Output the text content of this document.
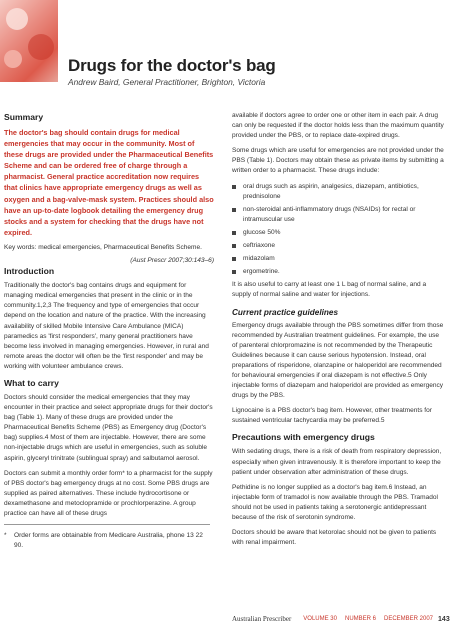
Drugs for the doctor's bag
Andrew Baird, General Practitioner, Brighton, Victoria
Summary
The doctor's bag should contain drugs for medical emergencies that may occur in the community. Most of these drugs are provided under the Pharmaceutical Benefits Scheme and can be ordered free of charge through a pharmacist. General practice accreditation now requires that clinics have appropriate emergency drugs as well as oxygen and a bag-valve-mask system. Practices should also have an up-to-date logbook detailing the emergency drug stocks and a system for checking that the drugs have not expired.

Key words: medical emergencies, Pharmaceutical Benefits Scheme.

(Aust Prescr 2007;30:143–6)

Introduction

Traditionally the doctor's bag contains drugs and equipment for managing medical emergencies that present in the clinic or in the community.1,2,3 The frequency and type of emergencies that occur depend on the location and nature of the practice. With the increasing availability of skilled Mobile Intensive Care Ambulance (MICA) paramedics as 'first responders', many general practitioners have become less involved in managing emergencies. However, in rural and remote areas the doctor will often be the 'first responder' and may be working with volunteer ambulance crews.

What to carry

Doctors should consider the medical emergencies that they may encounter in their practice and select appropriate drugs for their doctor's bag (Table 1). Many of these drugs are provided under the Pharmaceutical Benefits Scheme (PBS) as Emergency drug (Doctor's bag) supplies.4 Most of them are injectable. However, there are some non-injectable drugs which are useful in emergencies, such as soluble aspirin, glyceryl trinitrate (sublingual spray) and salbutamol aerosol.

Doctors can submit a monthly order form* to a pharmacist for the supply of PBS doctor's bag emergency drugs at no cost. Some PBS drugs are supplied as paired alternatives. These include hydrocortisone or dexamethasone and metoclopramide or prochlorperazine. A group practice can have all of these drugs

* Order forms are obtainable from Medicare Australia, phone 13 22 90.

available if doctors agree to order one or other item in each pair. A drug can only be requested if the doctor holds less than the maximum quantity provided under the PBS, or to replace date-expired drugs.

Some drugs which are useful for emergencies are not provided under the PBS (Table 1). Doctors may obtain these as private items by submitting a written order to a pharmacist. These drugs include:

oral drugs such as aspirin, analgesics, diazepam, antibiotics, prednisolone
non-steroidal anti-inflammatory drugs (NSAIDs) for rectal or intramuscular use
glucose 50%
ceftriaxone
midazolam
ergometrine.

It is also useful to carry at least one 1 L bag of normal saline, and a supply of normal saline and water for injections.

Current practice guidelines

Emergency drugs available through the PBS sometimes differ from those recommended by Australian treatment guidelines. For example, the use of parenteral chlorpromazine is not recommended by the Therapeutic Guidelines because it can cause serious hypotension. Instead, oral preparations of risperidone, olanzapine or haloperidol are recommended for behavioural emergencies if oral diazepam is not effective.5 Only injectable forms of diazepam and haloperidol are provided as emergency drugs by the PBS.

Lignocaine is a PBS doctor's bag item. However, other treatments for sustained ventricular tachycardia may be preferred.5

Precautions with emergency drugs

With sedating drugs, there is a risk of death from respiratory depression, especially when given intravenously. It is therefore important to keep the patient under observation after administration of these drugs.

Pethidine is no longer supplied as a doctor's bag item.6 Instead, an injectable form of tramadol is now available through the PBS. Tramadol should not be used in patients taking a serotonergic antidepressant because of the risk of serotonin syndrome.

Doctors should be aware that ketorolac should not be given to patients with renal impairment.

Australian Prescriber VOLUME 30 NUMBER 6 DECEMBER 2007 143
